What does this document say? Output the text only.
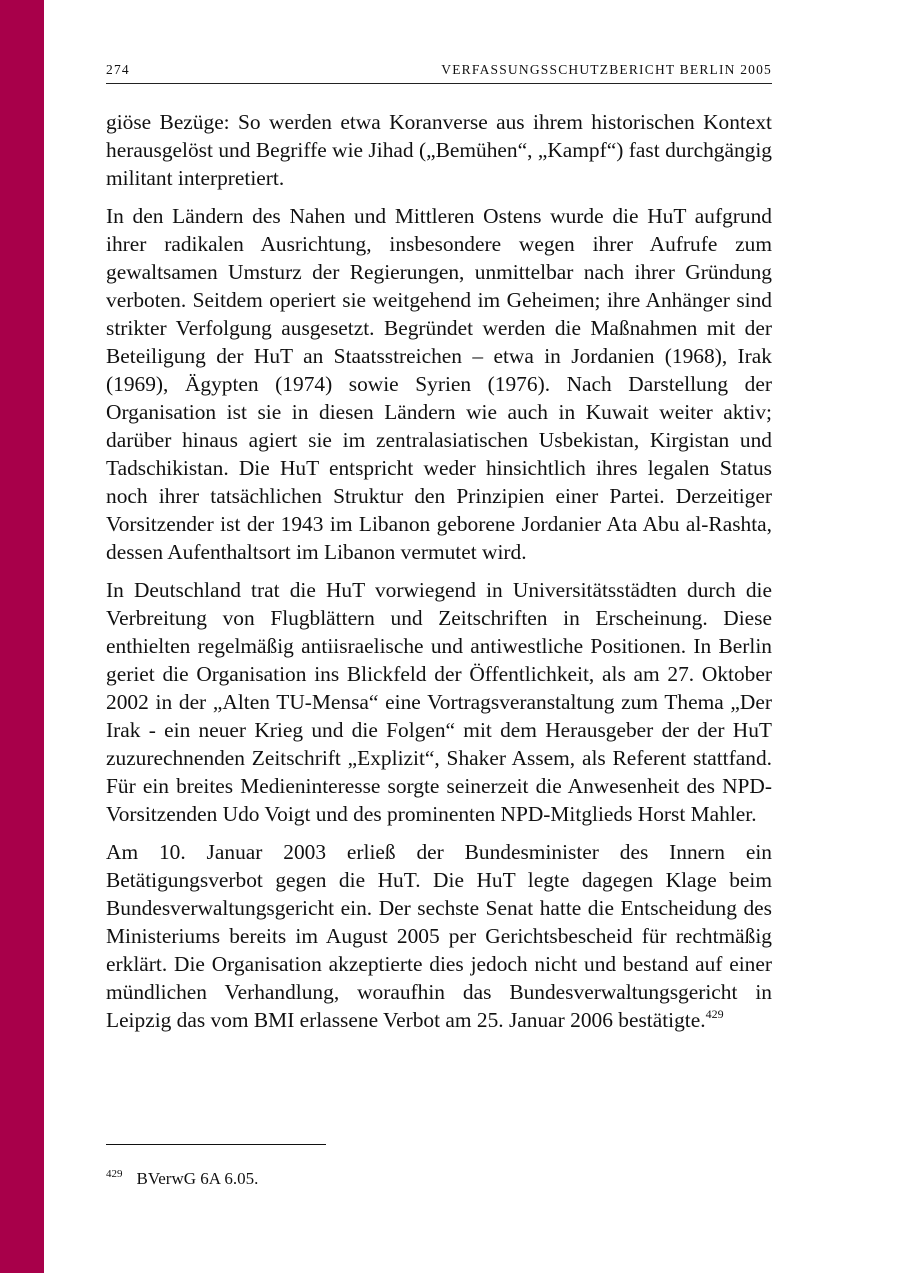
274	VERFASSUNGSSCHUTZBERICHT BERLIN 2005

giöse Bezüge: So werden etwa Koranverse aus ihrem historischen Kontext herausgelöst und Begriffe wie Jihad („Bemühen“, „Kampf“) fast durchgängig militant interpretiert.

In den Ländern des Nahen und Mittleren Ostens wurde die HuT aufgrund ihrer radikalen Ausrichtung, insbesondere wegen ihrer Aufrufe zum gewaltsamen Umsturz der Regierungen, unmittelbar nach ihrer Gründung verboten. Seitdem operiert sie weitgehend im Geheimen; ihre Anhänger sind strikter Verfolgung ausgesetzt. Begründet werden die Maßnahmen mit der Beteiligung der HuT an Staatsstreichen – etwa in Jordanien (1968), Irak (1969), Ägypten (1974) sowie Syrien (1976). Nach Darstellung der Organisation ist sie in diesen Ländern wie auch in Kuwait weiter aktiv; darüber hinaus agiert sie im zentralasiatischen Usbekistan, Kirgistan und Tadschikistan. Die HuT entspricht weder hinsichtlich ihres legalen Status noch ihrer tatsächlichen Struktur den Prinzipien einer Partei. Derzeitiger Vorsitzender ist der 1943 im Libanon geborene Jordanier Ata Abu al-Rashta, dessen Aufenthaltsort im Libanon vermutet wird.

In Deutschland trat die HuT vorwiegend in Universitätsstädten durch die Verbreitung von Flugblättern und Zeitschriften in Erscheinung. Diese enthielten regelmäßig antiisraelische und antiwestliche Positionen. In Berlin geriet die Organisation ins Blickfeld der Öffentlichkeit, als am 27. Oktober 2002 in der „Alten TU-Mensa“ eine Vortragsveranstaltung zum Thema „Der Irak - ein neuer Krieg und die Folgen“ mit dem Herausgeber der der HuT zuzurechnenden Zeitschrift „Explizit“, Shaker Assem, als Referent stattfand. Für ein breites Medieninteresse sorgte seinerzeit die Anwesenheit des NPD-Vorsitzenden Udo Voigt und des prominenten NPD-Mitglieds Horst Mahler.

Am 10. Januar 2003 erließ der Bundesminister des Innern ein Betätigungsverbot gegen die HuT. Die HuT legte dagegen Klage beim Bundesverwaltungsgericht ein. Der sechste Senat hatte die Entscheidung des Ministeriums bereits im August 2005 per Gerichtsbescheid für rechtmäßig erklärt. Die Organisation akzeptierte dies jedoch nicht und bestand auf einer mündlichen Verhandlung, woraufhin das Bundesverwaltungsgericht in Leipzig das vom BMI erlassene Verbot am 25. Januar 2006 bestätigte.$^{429}$

$^{429}$ BVerwG 6A 6.05.
